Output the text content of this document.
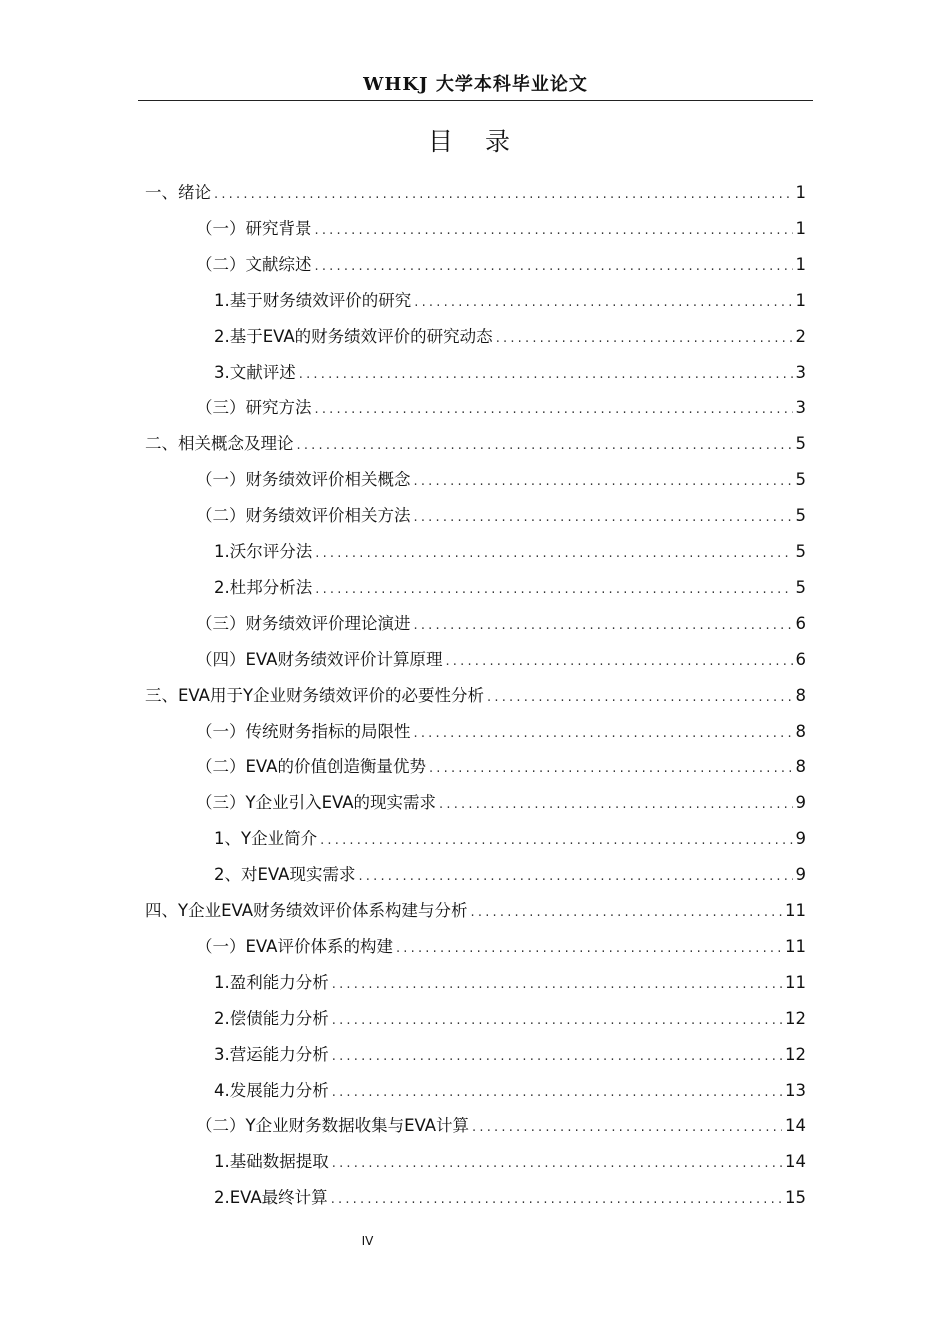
WHKJ 大学本科毕业论文
目 录
一、绪论 .....	1
（一）研究背景 .....	1
（二）文献综述 .....	1
1.基于财务绩效评价的研究 .....	1
2.基于EVA的财务绩效评价的研究动态 .....	2
3.文献评述 .....	3
（三）研究方法 .....	3
二、相关概念及理论 .....	5
（一）财务绩效评价相关概念 .....	5
（二）财务绩效评价相关方法 .....	5
1.沃尔评分法 .....	5
2.杜邦分析法 .....	5
（三）财务绩效评价理论演进 .....	6
（四）EVA财务绩效评价计算原理 .....	6
三、EVA用于Y企业财务绩效评价的必要性分析 .....	8
（一）传统财务指标的局限性 .....	8
（二）EVA的价值创造衡量优势 .....	8
（三）Y企业引入EVA的现实需求 .....	9
1、Y企业简介 .....	9
2、对EVA现实需求 .....	9
四、Y企业EVA财务绩效评价体系构建与分析 .....	11
（一）EVA评价体系的构建 .....	11
1.盈利能力分析 .....	11
2.偿债能力分析 .....	12
3.营运能力分析 .....	12
4.发展能力分析 .....	13
（二）Y企业财务数据收集与EVA计算 .....	14
1.基础数据提取 .....	14
2.EVA最终计算 .....	15
IV
